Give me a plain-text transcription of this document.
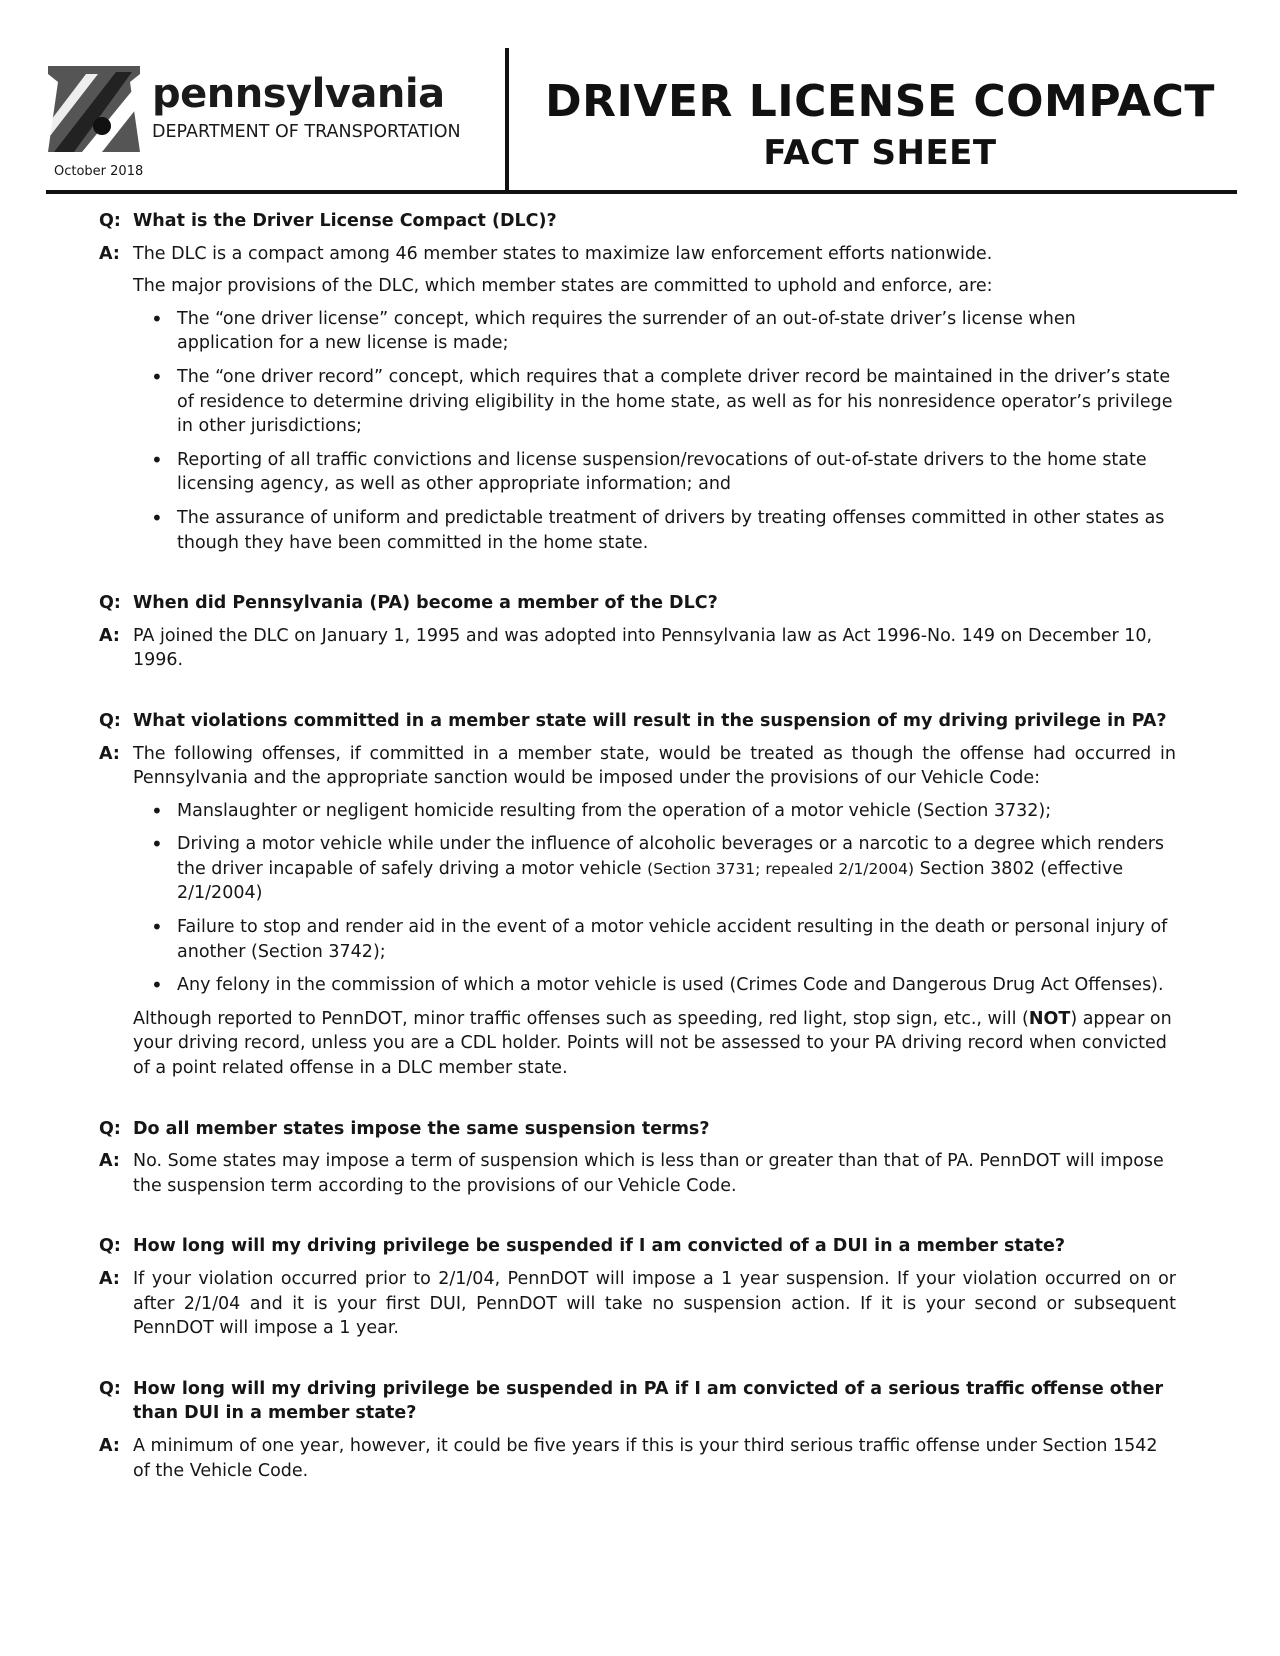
pennsylvania
DEPARTMENT OF TRANSPORTATION
October 2018
DRIVER LICENSE COMPACT
FACT SHEET
Q: What is the Driver License Compact (DLC)?
A: The DLC is a compact among 46 member states to maximize law enforcement efforts nationwide.
The major provisions of the DLC, which member states are committed to uphold and enforce, are:
• The “one driver license” concept, which requires the surrender of an out-of-state driver’s license when application for a new license is made;
• The “one driver record” concept, which requires that a complete driver record be maintained in the driver’s state of residence to determine driving eligibility in the home state, as well as for his nonresidence operator’s privilege in other jurisdictions;
• Reporting of all traffic convictions and license suspension/revocations of out-of-state drivers to the home state licensing agency, as well as other appropriate information; and
• The assurance of uniform and predictable treatment of drivers by treating offenses committed in other states as though they have been committed in the home state.
Q: When did Pennsylvania (PA) become a member of the DLC?
A: PA joined the DLC on January 1, 1995 and was adopted into Pennsylvania law as Act 1996-No. 149 on December 10, 1996.
Q: What violations committed in a member state will result in the suspension of my driving privilege in PA?
A: The following offenses, if committed in a member state, would be treated as though the offense had occurred in Pennsylvania and the appropriate sanction would be imposed under the provisions of our Vehicle Code:
• Manslaughter or negligent homicide resulting from the operation of a motor vehicle (Section 3732);
• Driving a motor vehicle while under the influence of alcoholic beverages or a narcotic to a degree which renders the driver incapable of safely driving a motor vehicle (Section 3731; repealed 2/1/2004) Section 3802 (effective 2/1/2004)
• Failure to stop and render aid in the event of a motor vehicle accident resulting in the death or personal injury of another (Section 3742);
• Any felony in the commission of which a motor vehicle is used (Crimes Code and Dangerous Drug Act Offenses).
Although reported to PennDOT, minor traffic offenses such as speeding, red light, stop sign, etc., will (NOT) appear on your driving record, unless you are a CDL holder. Points will not be assessed to your PA driving record when convicted of a point related offense in a DLC member state.
Q: Do all member states impose the same suspension terms?
A: No. Some states may impose a term of suspension which is less than or greater than that of PA. PennDOT will impose the suspension term according to the provisions of our Vehicle Code.
Q: How long will my driving privilege be suspended if I am convicted of a DUI in a member state?
A: If your violation occurred prior to 2/1/04, PennDOT will impose a 1 year suspension. If your violation occurred on or after 2/1/04 and it is your first DUI, PennDOT will take no suspension action. If it is your second or subsequent PennDOT will impose a 1 year.
Q: How long will my driving privilege be suspended in PA if I am convicted of a serious traffic offense other than DUI in a member state?
A: A minimum of one year, however, it could be five years if this is your third serious traffic offense under Section 1542 of the Vehicle Code.
